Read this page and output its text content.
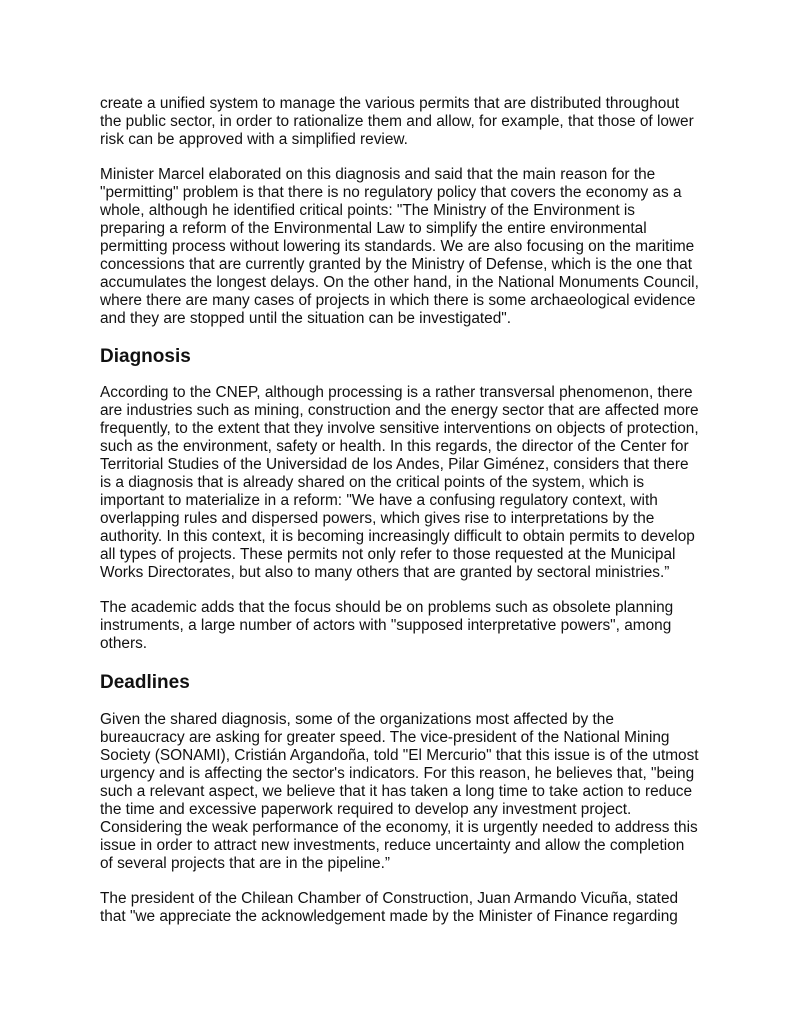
create a unified system to manage the various permits that are distributed throughout
the public sector, in order to rationalize them and allow, for example, that those of lower
risk can be approved with a simplified review.
Minister Marcel elaborated on this diagnosis and said that the main reason for the
"permitting" problem is that there is no regulatory policy that covers the economy as a
whole, although he identified critical points: "The Ministry of the Environment is
preparing a reform of the Environmental Law to simplify the entire environmental
permitting process without lowering its standards. We are also focusing on the maritime
concessions that are currently granted by the Ministry of Defense, which is the one that
accumulates the longest delays. On the other hand, in the National Monuments Council,
where there are many cases of projects in which there is some archaeological evidence
and they are stopped until the situation can be investigated".
Diagnosis
According to the CNEP, although processing is a rather transversal phenomenon, there
are industries such as mining, construction and the energy sector that are affected more
frequently, to the extent that they involve sensitive interventions on objects of protection,
such as the environment, safety or health. In this regards, the director of the Center for
Territorial Studies of the Universidad de los Andes, Pilar Giménez, considers that there
is a diagnosis that is already shared on the critical points of the system, which is
important to materialize in a reform: "We have a confusing regulatory context, with
overlapping rules and dispersed powers, which gives rise to interpretations by the
authority. In this context, it is becoming increasingly difficult to obtain permits to develop
all types of projects. These permits not only refer to those requested at the Municipal
Works Directorates, but also to many others that are granted by sectoral ministries.”
The academic adds that the focus should be on problems such as obsolete planning
instruments, a large number of actors with "supposed interpretative powers", among
others.
Deadlines
Given the shared diagnosis, some of the organizations most affected by the
bureaucracy are asking for greater speed. The vice-president of the National Mining
Society (SONAMI), Cristián Argandoña, told "El Mercurio" that this issue is of the utmost
urgency and is affecting the sector's indicators. For this reason, he believes that, "being
such a relevant aspect, we believe that it has taken a long time to take action to reduce
the time and excessive paperwork required to develop any investment project.
Considering the weak performance of the economy, it is urgently needed to address this
issue in order to attract new investments, reduce uncertainty and allow the completion
of several projects that are in the pipeline.”
The president of the Chilean Chamber of Construction, Juan Armando Vicuña, stated
that "we appreciate the acknowledgement made by the Minister of Finance regarding
